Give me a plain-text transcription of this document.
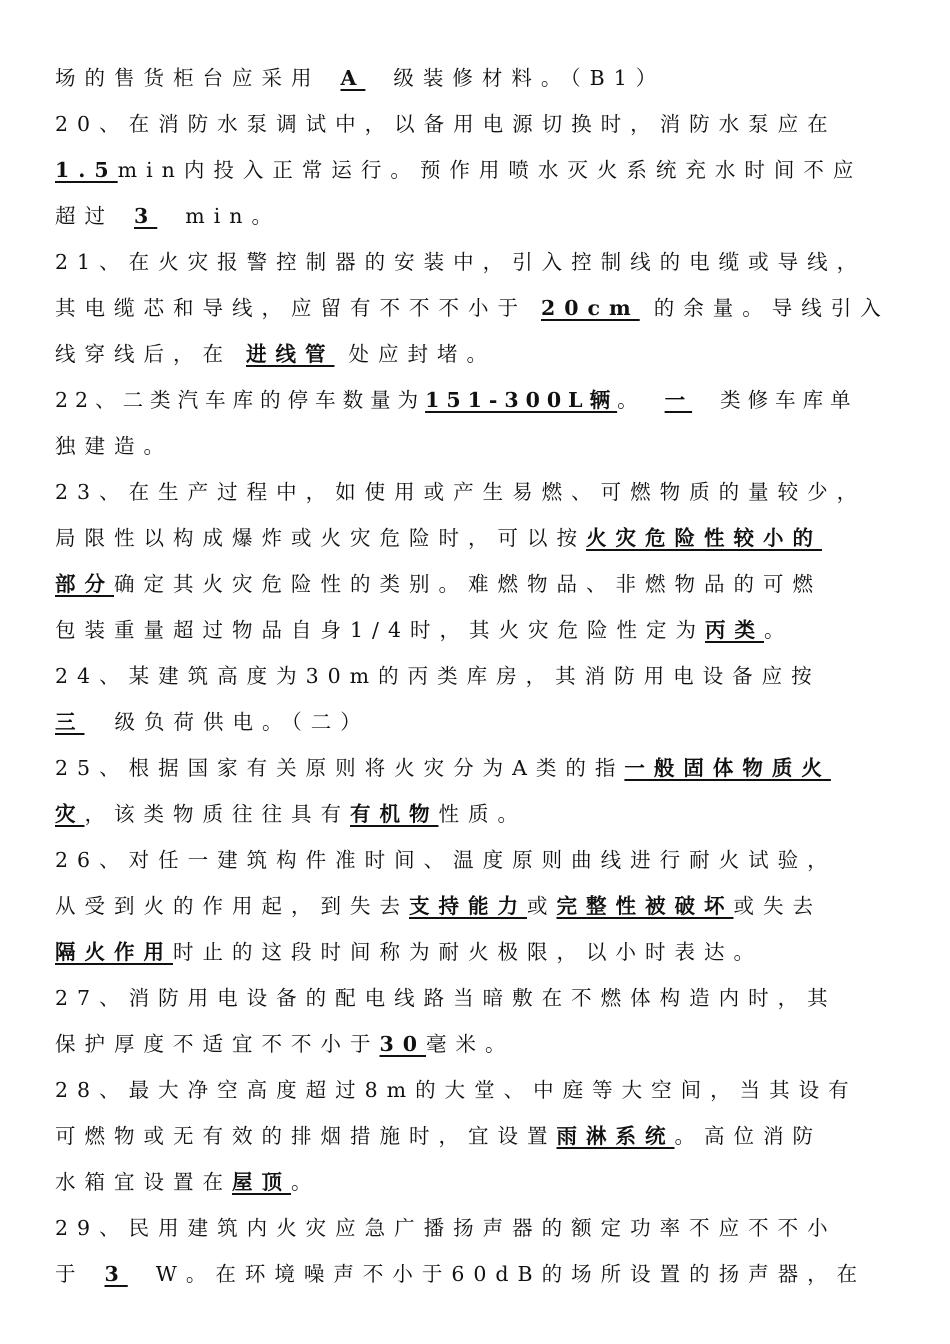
场的售货柜台应采用 A 级装修材料。（B1）
20、在消防水泵调试中，以备用电源切换时，消防水泵应在
1.5min内投入正常运行。预作用喷水灭火系统充水时间不应
超过 3 min。
21、在火灾报警控制器的安装中，引入控制线的电缆或导线，
其电缆芯和导线，应留有不不不小于 20cm 的余量。导线引入
线穿线后，在 进线管 处应封堵。
22、二类汽车库的停车数量为151-300L辆。 一 类修车库单
独建造。
23、在生产过程中，如使用或产生易燃、可燃物质的量较少，
局限性以构成爆炸或火灾危险时，可以按火灾危险性较小的
部分确定其火灾危险性的类别。难燃物品、非燃物品的可燃
包装重量超过物品自身1/4时，其火灾危险性定为丙类。
24、某建筑高度为30m的丙类库房，其消防用电设备应按
三 级负荷供电。（二）
25、根据国家有关原则将火灾分为A类的指一般固体物质火
灾，该类物质往往具有有机物性质。
26、对任一建筑构件准时间、温度原则曲线进行耐火试验，
从受到火的作用起，到失去支持能力或完整性被破坏或失去
隔火作用时止的这段时间称为耐火极限，以小时表达。
27、消防用电设备的配电线路当暗敷在不燃体构造内时，其
保护厚度不适宜不不小于30毫米。
28、最大净空高度超过8m的大堂、中庭等大空间，当其设有
可燃物或无有效的排烟措施时，宜设置雨淋系统。高位消防
水箱宜设置在屋顶。
29、民用建筑内火灾应急广播扬声器的额定功率不应不不小
于 3 W。在环境噪声不小于60dB的场所设置的扬声器，在
